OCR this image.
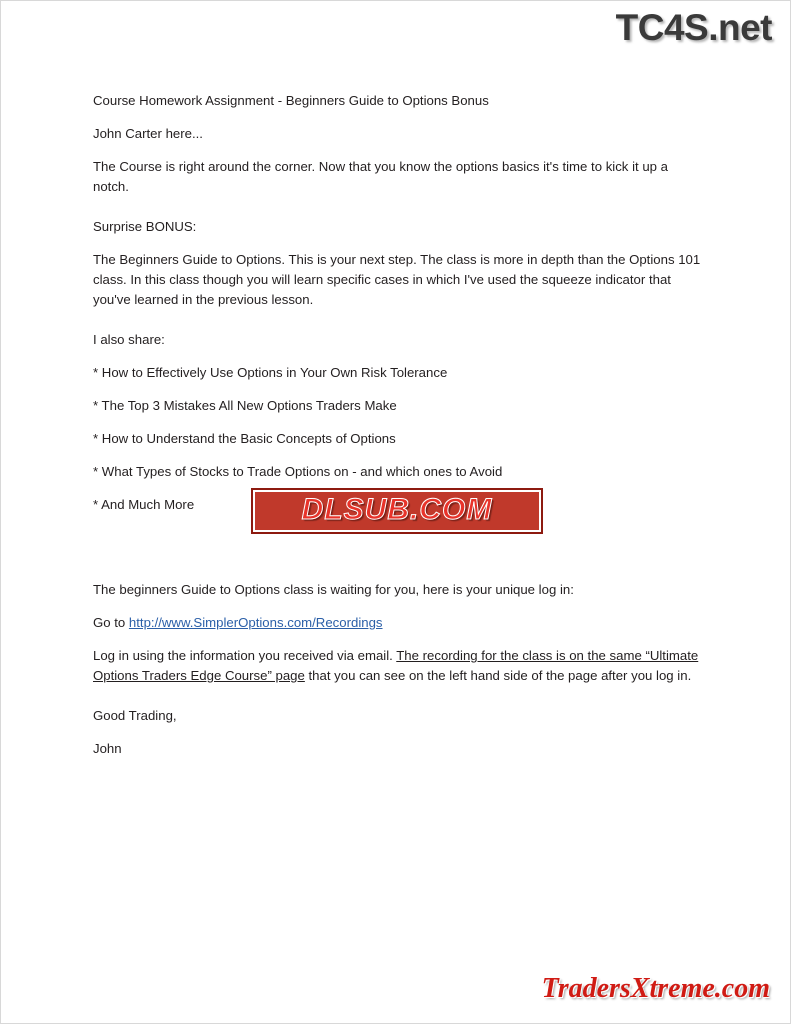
TC4S.net

Course Homework Assignment - Beginners Guide to Options Bonus

John Carter here...

The Course is right around the corner. Now that you know the options basics it's time to kick it up a notch.

Surprise BONUS:

The Beginners Guide to Options. This is your next step. The class is more in depth than the Options 101 class. In this class though you will learn specific cases in which I've used the squeeze indicator that you've learned in the previous lesson.

I also share:

* How to Effectively Use Options in Your Own Risk Tolerance

* The Top 3 Mistakes All New Options Traders Make

* How to Understand the Basic Concepts of Options

* What Types of Stocks to Trade Options on - and which ones to Avoid

* And Much More

The beginners Guide to Options class is waiting for you, here is your unique log in:

Go to http://www.SimplerOptions.com/Recordings

Log in using the information you received via email. The recording for the class is on the same “Ultimate Options Traders Edge Course” page that you can see on the left hand side of the page after you log in.

Good Trading,

John

DLSUB.COM
TradersXtreme.com
